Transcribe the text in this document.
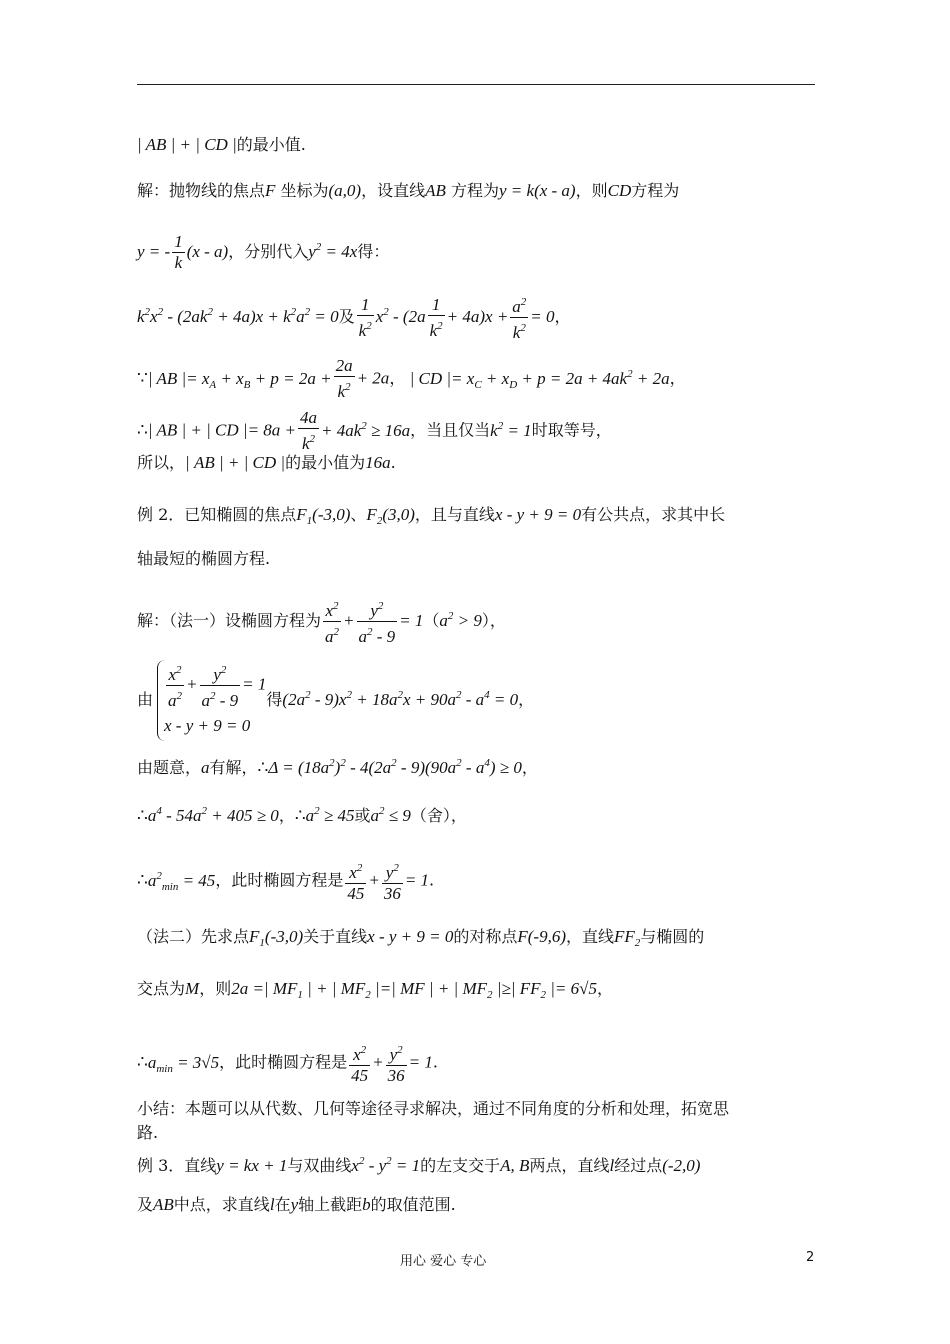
| AB | + | CD |的最小值.
解：抛物线的焦点F 坐标为(a,0)，设直线AB 方程为y = k(x - a)，则CD方程为
y = - $\frac{1}{k} (x - a)$，分别代入$y^2 = 4x$得：
$k^2x^2 - (2ak^2 + 4a)x + k^2a^2 = 0$及 $\frac{1}{k^2} x^2 - (2a \frac{1}{k^2} + 4a)x + \frac{a^2}{k^2} = 0$，
∵| AB |= $x_A + x_B + p = 2a + \frac{2a}{k^2} + 2a$， | CD |= $x_C + x_D + p = 2a + 4ak^2 + 2a$，
∴| AB | + | CD |= $8a + \frac{4a}{k^2} + 4ak^2 \ge 16a$，当且仅当$k^2 = 1$时取等号，
所以，| AB | + | CD |的最小值为16a.
例 2．已知椭圆的焦点$F_1(-3,0)$、$F_2(3,0)$，且与直线x - y + 9 = 0有公共点，求其中长
轴最短的椭圆方程.
解：（法一）设椭圆方程为 $\frac{x^2}{a^2} + \frac{y^2}{a^2 - 9} = 1(a^2 > 9)$，
由 $\frac{x^2}{a^2} + \frac{y^2}{a^2 - 9} = 1$
x - y + 9 = 0
得$(2a^2 - 9)x^2 + 18a^2x + 90a^2 - a^4 = 0$，
由题意，a有解，∴Δ = $(18a^2)^2 - 4(2a^2 - 9)(90a^2 - a^4) \ge 0$，
$\therefore a^4 - 54a^2 + 405 \ge 0$，$\therefore a^2 \ge 45$或$a^2 \le 9$（舍），
$\therefore a^2_{min} = 45$，此时椭圆方程是 $\frac{x^2}{45} + \frac{y^2}{36} = 1$.
（法二）先求点$F_1(-3,0)$关于直线x - y + 9 = 0的对称点F(-9,6)，直线$FF_2$与椭圆的
交点为M，则2a =| $MF_1$ | + | $MF_2$ |=| MF | + | $MF_2$ |≥| $FF_2$ |= 6√5，
$\therefore a_{min} = 3√5$，此时椭圆方程是 $\frac{x^2}{45} + \frac{y^2}{36} = 1$.
小结：本题可以从代数、几何等途径寻求解决，通过不同角度的分析和处理，拓宽思
路.
例 3．直线y = kx + 1与双曲线$x^2 - y^2 = 1$的左支交于A, B两点，直线l经过点(-2,0)
及AB中点，求直线l在y轴上截距b的取值范围.
用心 爱心 专心	2
